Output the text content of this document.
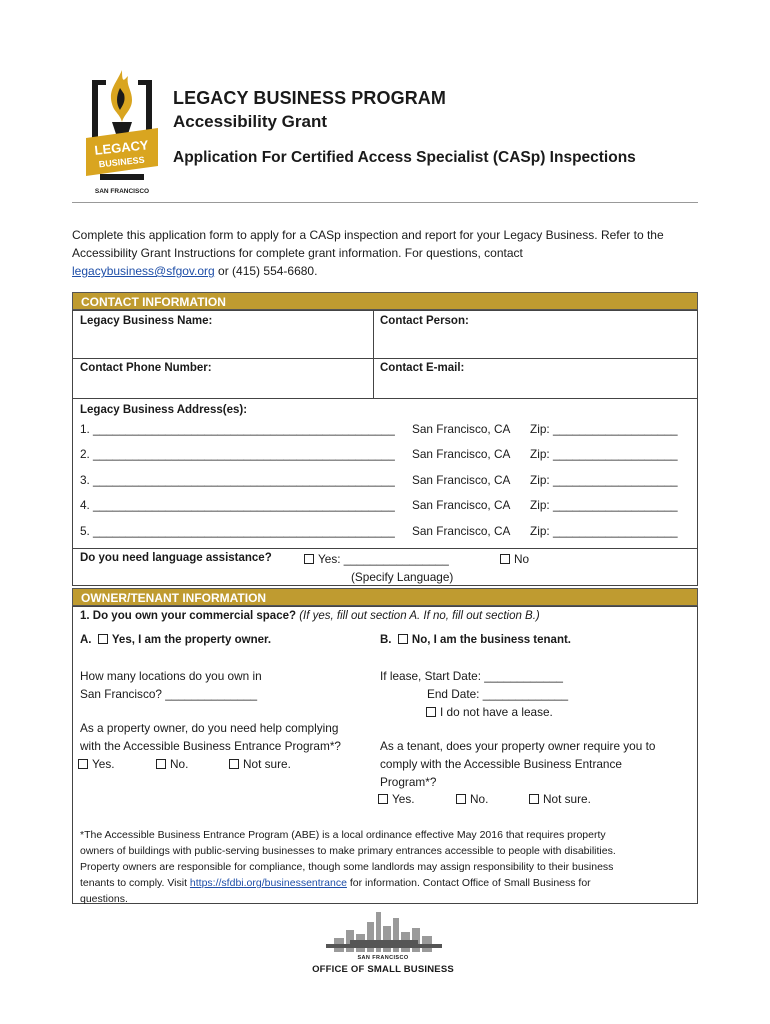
LEGACY
BUSINESS
SAN FRANCISCO
LEGACY BUSINESS PROGRAM
Accessibility Grant
Application For Certified Access Specialist (CASp) Inspections
Complete this application form to apply for a CASp inspection and report for your Legacy Business. Refer to the
Accessibility Grant Instructions for complete grant information. For questions, contact
legacybusiness@sfgov.org or (415) 554-6680.
CONTACT INFORMATION
Legacy Business Name:	Contact Person:
Contact Phone Number:	Contact E-mail:
Legacy Business Address(es):
1. ______________________________________________ San Francisco, CA Zip: ___________________
2. ______________________________________________ San Francisco, CA Zip: ___________________
3. ______________________________________________ San Francisco, CA Zip: ___________________
4. ______________________________________________ San Francisco, CA Zip: ___________________
5. ______________________________________________ San Francisco, CA Zip: ___________________
Do you need language assistance?	Yes: ________________	No
(Specify Language)
OWNER/TENANT INFORMATION
1. Do you own your commercial space? (If yes, fill out section A. If no, fill out section B.)
A. Yes, I am the property owner.	B. No, I am the business tenant.
How many locations do you own in
San Francisco? ______________
As a property owner, do you need help complying
with the Accessible Business Entrance Program*?
Yes.	No.	Not sure.
If lease, Start Date: ____________
End Date: _____________
I do not have a lease.
As a tenant, does your property owner require you to
comply with the Accessible Business Entrance
Program*?
Yes.	No.	Not sure.
*The Accessible Business Entrance Program (ABE) is a local ordinance effective May 2016 that requires property
owners of buildings with public-serving businesses to make primary entrances accessible to people with disabilities.
Property owners are responsible for compliance, though some landlords may assign responsibility to their business
tenants to comply. Visit https://sfdbi.org/businessentrance for information. Contact Office of Small Business for
questions.
SAN FRANCISCO
OFFICE OF SMALL BUSINESS
